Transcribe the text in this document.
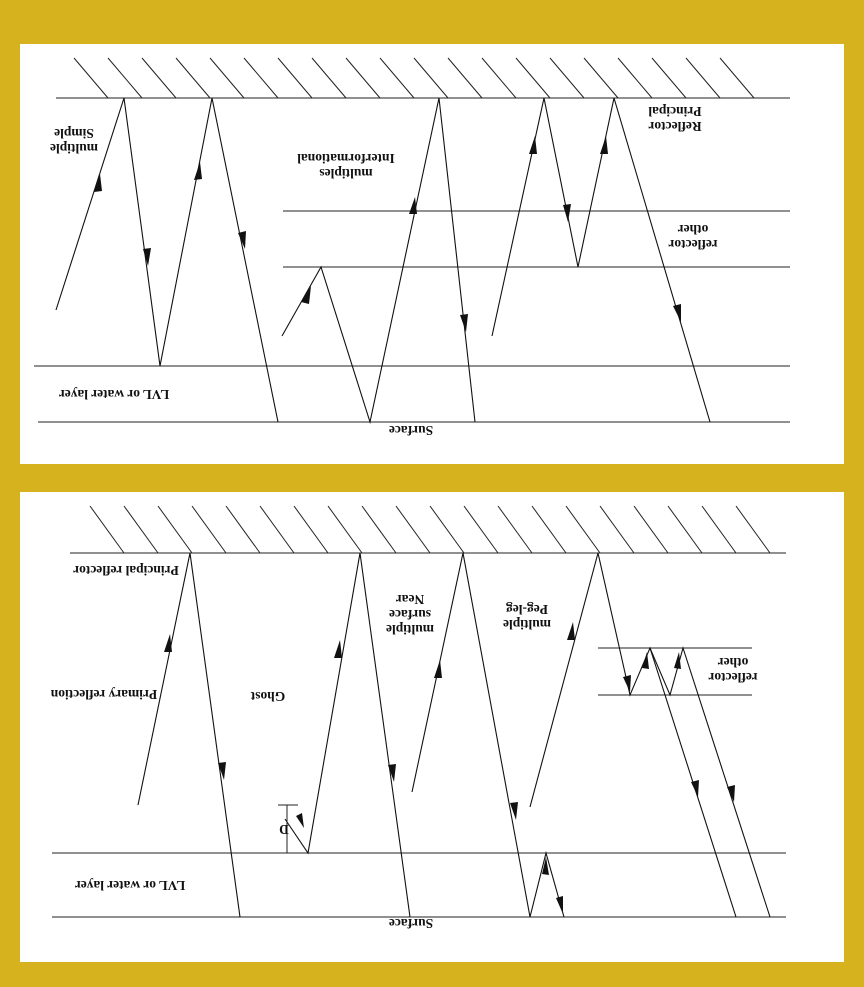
multiple
Simple	Reflector
Principal
multiples
Interformational
reflector
other
LVL or water layer
Surface
Principal reflector
Primary reflection	Ghost
multiple
surface
Near
multiple
Peg-leg
reflector
other
D
LVL or water layer
Surface
